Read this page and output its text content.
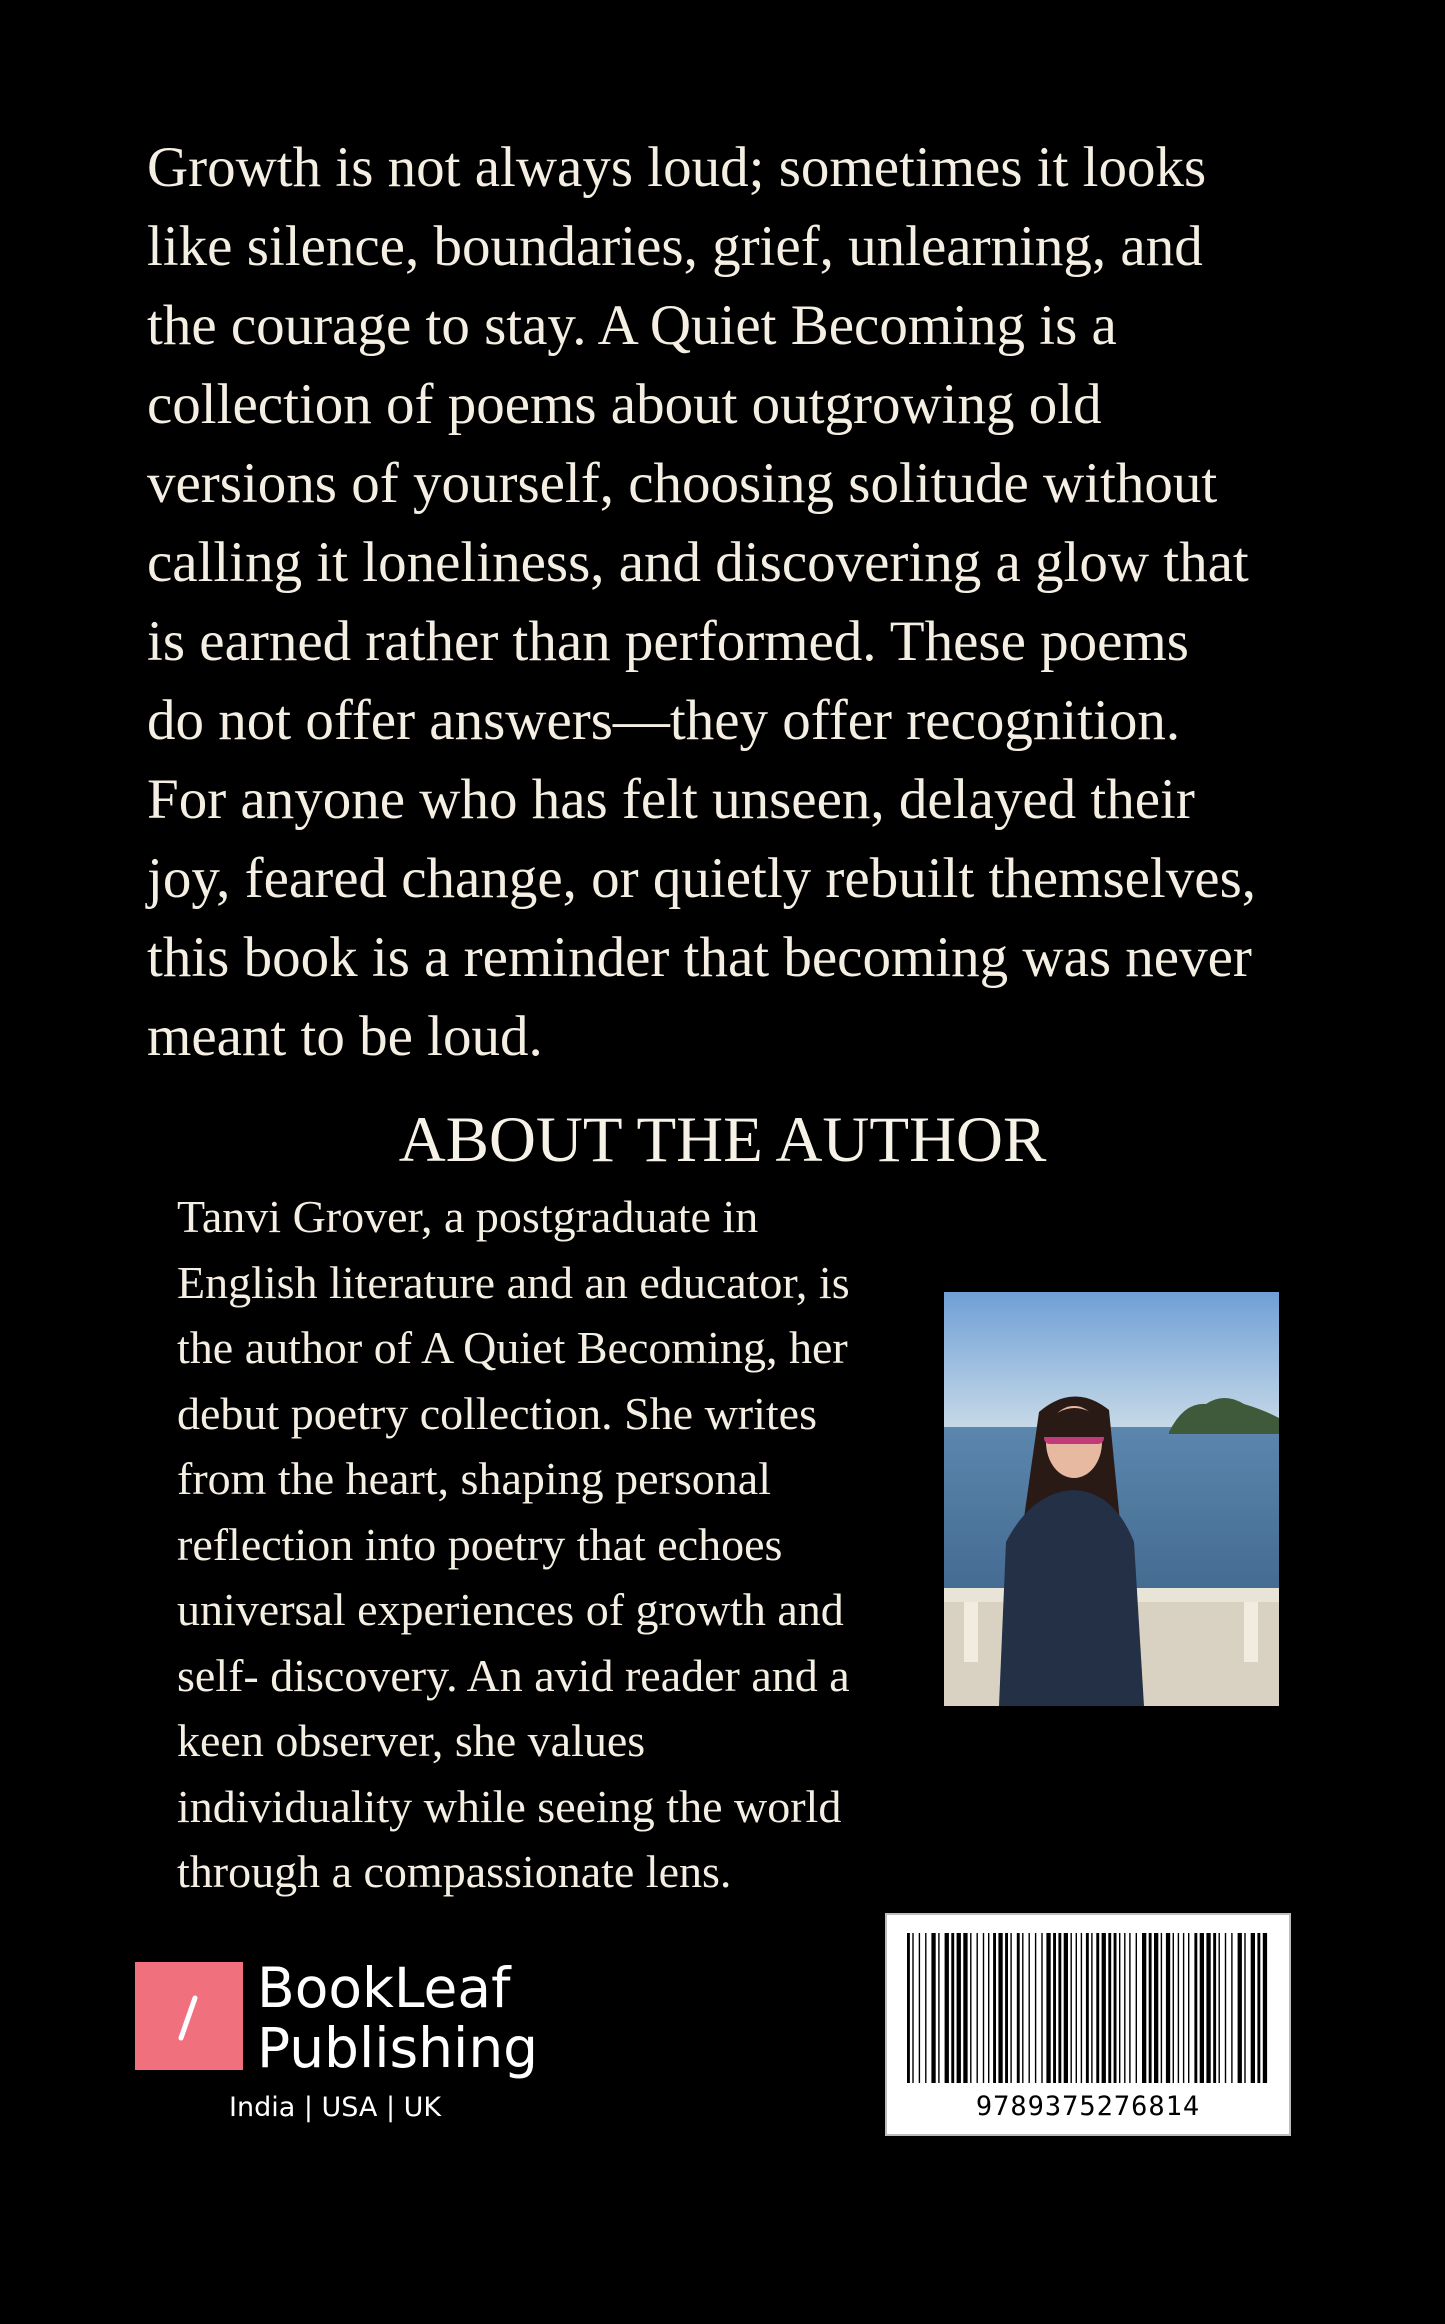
Growth is not always loud; sometimes it looks
like silence, boundaries, grief, unlearning, and
the courage to stay. A Quiet Becoming is a
collection of poems about outgrowing old
versions of yourself, choosing solitude without
calling it loneliness, and discovering a glow that
is earned rather than performed. These poems
do not offer answers—they offer recognition.
For anyone who has felt unseen, delayed their
joy, feared change, or quietly rebuilt themselves,
this book is a reminder that becoming was never
meant to be loud.
ABOUT THE AUTHOR
Tanvi Grover, a postgraduate in
English literature and an educator, is
the author of A Quiet Becoming, her
debut poetry collection. She writes
from the heart, shaping personal
reflection into poetry that echoes
universal experiences of growth and
self- discovery. An avid reader and a
keen observer, she values
individuality while seeing the world
through a compassionate lens.
BookLeaf
Publishing
India | USA | UK	9789375276814
